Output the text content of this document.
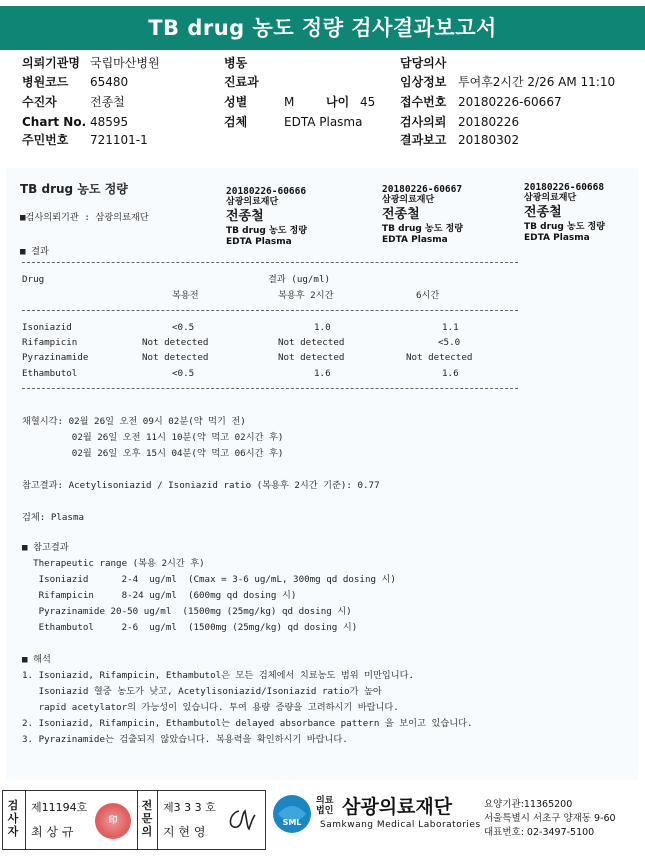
TB drug 농도 정량 검사결과보고서
의뢰기관명 국립마산병원
병원코드 65480
수진자	전종철
Chart No. 48595
주민번호 721101-1
병동
진료과
성별	M	나이 45
검체	EDTA Plasma
담당의사
임상정보 투여후2시간 2/26 AM 11:10
접수번호 20180226-60667
검사의뢰 20180226
결과보고 20180302
TB drug 농도 정량
■검사의뢰기관 : 삼광의료재단
20180226-60666
삼광의료재단
전종철
TB drug 농도 정량
EDTA Plasma
20180226-60667
삼광의료재단
전종철
TB drug 농도 정량
EDTA Plasma
20180226-60668
삼광의료재단
전종철
TB drug 농도 정량
EDTA Plasma
■ 결과
Drug	결과 (ug/ml)
복용전	복용후 2시간	6시간
Isoniazid	<0.5	1.0	1.1
Rifampicin	Not detected	Not detected	<5.0
Pyrazinamide	Not detected	Not detected	Not detected
Ethambutol	<0.5	1.6	1.6
채혈시각: 02월 26일 오전 09시 02분(약 먹기 전)
02월 26일 오전 11시 10분(약 먹고 02시간 후)
02월 26일 오후 15시 04분(약 먹고 06시간 후)
참고결과: Acetylisoniazid / Isoniazid ratio (복용후 2시간 기준): 0.77
검체: Plasma
■ 참고결과
Therapeutic range (복용 2시간 후)
Isoniazid      2-4  ug/ml  (Cmax = 3-6 ug/mL, 300mg qd dosing 시)
Rifampicin     8-24 ug/ml  (600mg qd dosing 시)
Pyrazinamide 20-50 ug/ml  (1500mg (25mg/kg) qd dosing 시)
Ethambutol     2-6  ug/ml  (1500mg (25mg/kg) qd dosing 시)
■ 해석
1. Isoniazid, Rifampicin, Ethambutol은 모든 검체에서 치료농도 범위 미만입니다.
Isoniazid 혈중 농도가 낮고, Acetylisoniazid/Isoniazid ratio가 높아
rapid acetylator의 가능성이 있습니다. 투여 용량 증량을 고려하시기 바랍니다.
2. Isoniazid, Rifampicin, Ethambutol는 delayed absorbance pattern 을 보이고 있습니다.
3. Pyrazinamide는 검출되지 않았습니다. 복용력을 확인하시기 바랍니다.
검사자
제11194호
최 상 규
印
전문의
제3 3 3 호
지 현 영
SML
의료 법인 삼광의료재단
Samkwang Medical Laboratories
요양기관:11365200
서울특별시 서초구 양재동 9-60
대표번호: 02-3497-5100
